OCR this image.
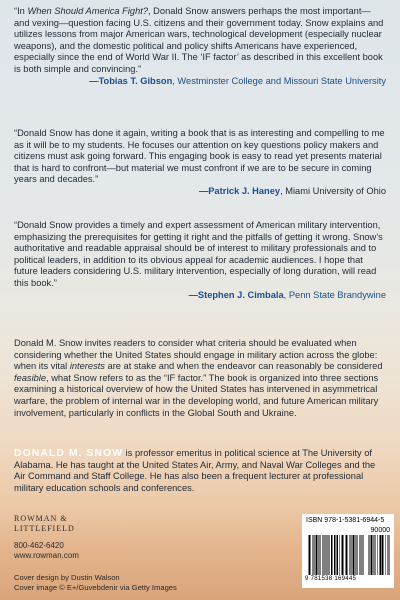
“In When Should America Fight?, Donald Snow answers perhaps the most important—and vexing—question facing U.S. citizens and their government today. Snow explains and utilizes lessons from major American wars, technological development (especially nuclear weapons), and the domestic political and policy shifts Americans have experienced, especially since the end of World War II. The ‘IF factor’ as described in this excellent book is both simple and convincing.”

—Tobias T. Gibson, Westminster College and Missouri State University

“Donald Snow has done it again, writing a book that is as interesting and compelling to me as it will be to my students. He focuses our attention on key questions policy makers and citizens must ask going forward. This engaging book is easy to read yet presents material that is hard to confront—but material we must confront if we are to be secure in coming years and decades.”

—Patrick J. Haney, Miami University of Ohio

“Donald Snow provides a timely and expert assessment of American military intervention, emphasizing the prerequisites for getting it right and the pitfalls of getting it wrong. Snow’s authoritative and readable appraisal should be of interest to military professionals and to political leaders, in addition to its obvious appeal for academic audiences. I hope that future leaders considering U.S. military intervention, especially of long duration, will read this book.”

—Stephen J. Cimbala, Penn State Brandywine

Donald M. Snow invites readers to consider what criteria should be evaluated when considering whether the United States should engage in military action across the globe: when its vital interests are at stake and when the endeavor can reasonably be considered feasible, what Snow refers to as the “IF factor.” The book is organized into three sections examining a historical overview of how the United States has intervened in asymmetrical warfare, the problem of internal war in the developing world, and future American military involvement, particularly in conflicts in the Global South and Ukraine.

DONALD M. SNOW is professor emeritus in political science at The University of Alabama. He has taught at the United States Air, Army, and Naval War Colleges and the Air Command and Staff College. He has also been a frequent lecturer at professional military education schools and conferences.

ROWMAN &
LITTLEFIELD
800-462-6420
www.rowman.com
Cover design by Dustin Walson
Cover image © E+/Guvebdenir via Getty Images
ISBN 978-1-5381-6944-5
90000
9 781538 169445
